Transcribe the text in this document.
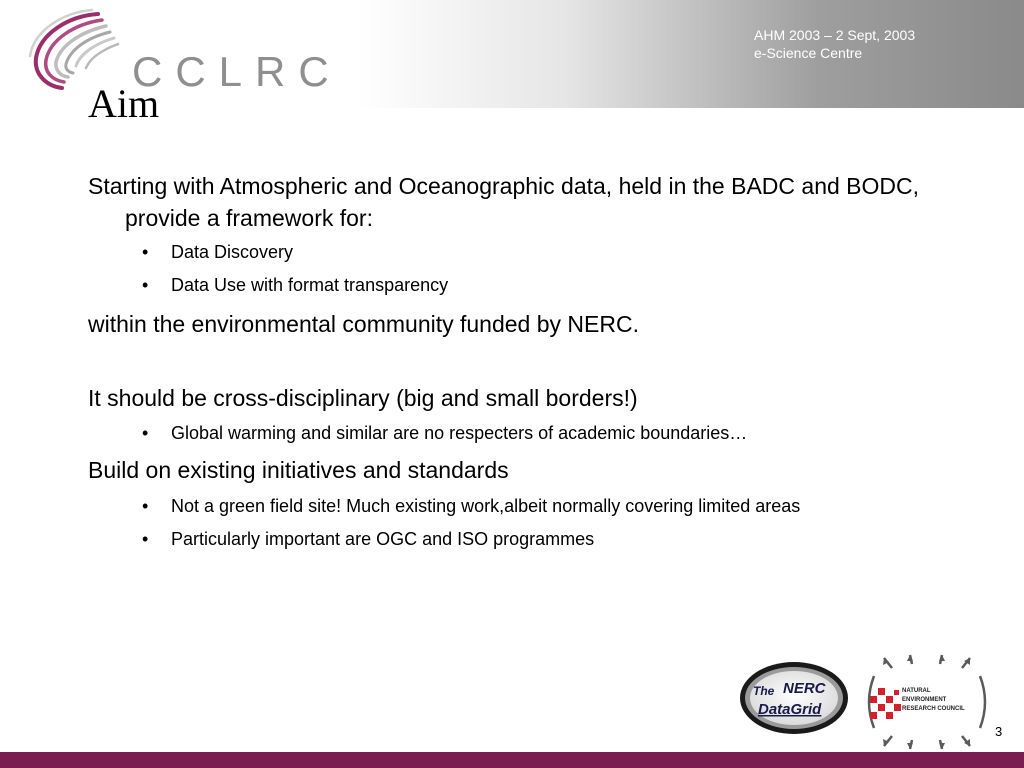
CCLRC
AHM 2003 – 2 Sept, 2003
e-Science Centre
Aim

Starting with Atmospheric and Oceanographic data, held in the BADC and BODC, provide a framework for:

• Data Discovery

• Data Use with format transparency

within the environmental community funded by NERC.

It should be cross-disciplinary (big and small borders!)

• Global warming and similar are no respecters of academic boundaries…

Build on existing initiatives and standards

• Not a green field site! Much existing work,albeit normally covering limited areas

• Particularly important are OGC and ISO programmes

The NERC
DataGrid
NATURAL
ENVIRONMENT
RESEARCH COUNCIL
3
